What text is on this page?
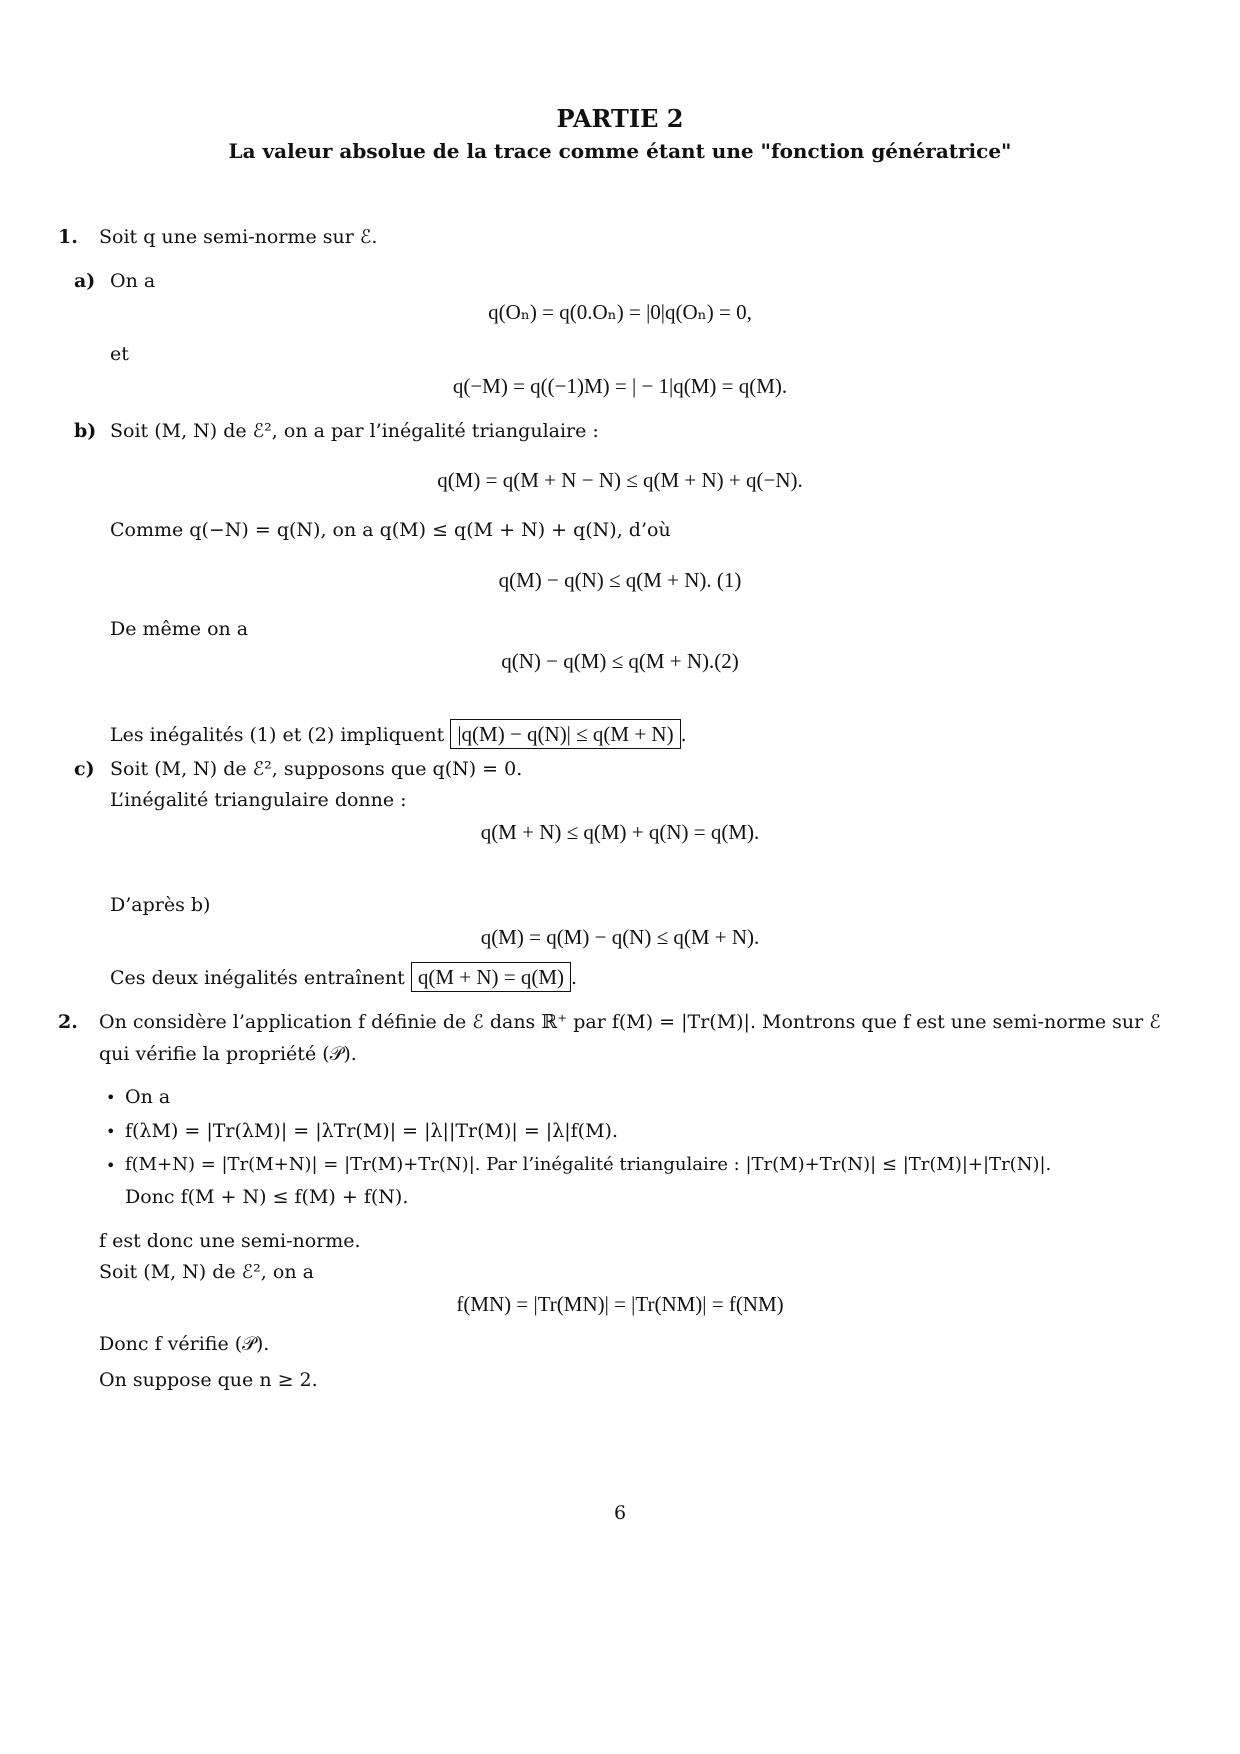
PARTIE 2
La valeur absolue de la trace comme étant une "fonction génératrice"
1. Soit q une semi-norme sur ℰ.
a) On a
q(Oₙ) = q(0.Oₙ) = |0|q(Oₙ) = 0,
et
q(−M) = q((−1)M) = | − 1|q(M) = q(M).
b) Soit (M, N) de ℰ², on a par l’inégalité triangulaire :
q(M) = q(M + N − N) ≤ q(M + N) + q(−N).
Comme q(−N) = q(N), on a q(M) ≤ q(M + N) + q(N), d’où
q(M) − q(N) ≤ q(M + N). (1)
De même on a
q(N) − q(M) ≤ q(M + N).(2)
Les inégalités (1) et (2) impliquent |q(M) − q(N)| ≤ q(M + N) .
c) Soit (M, N) de ℰ², supposons que q(N) = 0.
L’inégalité triangulaire donne :
q(M + N) ≤ q(M) + q(N) = q(M).
D’après b)
q(M) = q(M) − q(N) ≤ q(M + N).
Ces deux inégalités entraînent q(M + N) = q(M) .
2. On considère l’application f définie de ℰ dans ℝ⁺ par f(M) = |Tr(M)|. Montrons que f est une semi-norme sur ℰ
qui vérifie la propriété (𝒫).
• On a
• f(λM) = |Tr(λM)| = |λTr(M)| = |λ||Tr(M)| = |λ|f(M).
• f(M+N) = |Tr(M+N)| = |Tr(M)+Tr(N)|. Par l’inégalité triangulaire : |Tr(M)+Tr(N)| ≤ |Tr(M)|+|Tr(N)|.
Donc f(M + N) ≤ f(M) + f(N).
f est donc une semi-norme.
Soit (M, N) de ℰ², on a
f(MN) = |Tr(MN)| = |Tr(NM)| = f(NM)
Donc f vérifie (𝒫).
On suppose que n ≥ 2.
6
